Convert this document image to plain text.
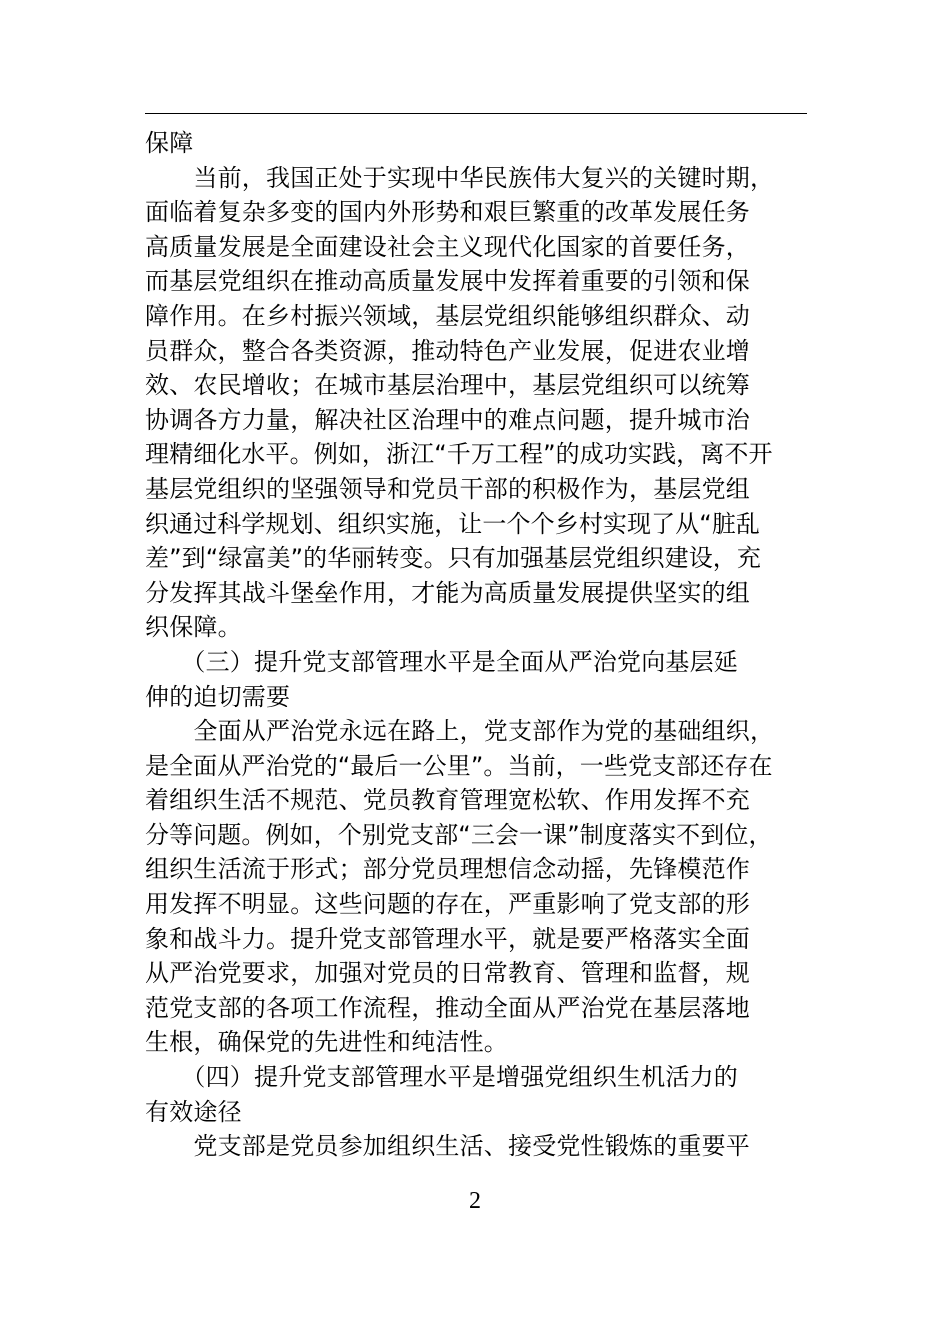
保障
　　当前，我国正处于实现中华民族伟大复兴的关键时期，
面临着复杂多变的国内外形势和艰巨繁重的改革发展任务
高质量发展是全面建设社会主义现代化国家的首要任务，
而基层党组织在推动高质量发展中发挥着重要的引领和保
障作用。在乡村振兴领域，基层党组织能够组织群众、动
员群众，整合各类资源，推动特色产业发展，促进农业增
效、农民增收；在城市基层治理中，基层党组织可以统筹
协调各方力量，解决社区治理中的难点问题，提升城市治
理精细化水平。例如，浙江“千万工程”的成功实践，离不开
基层党组织的坚强领导和党员干部的积极作为，基层党组
织通过科学规划、组织实施，让一个个乡村实现了从“脏乱
差”到“绿富美”的华丽转变。只有加强基层党组织建设，充
分发挥其战斗堡垒作用，才能为高质量发展提供坚实的组
织保障。
　　（三）提升党支部管理水平是全面从严治党向基层延
伸的迫切需要
　　全面从严治党永远在路上，党支部作为党的基础组织，
是全面从严治党的“最后一公里”。当前，一些党支部还存在
着组织生活不规范、党员教育管理宽松软、作用发挥不充
分等问题。例如，个别党支部“三会一课”制度落实不到位，
组织生活流于形式；部分党员理想信念动摇，先锋模范作
用发挥不明显。这些问题的存在，严重影响了党支部的形
象和战斗力。提升党支部管理水平，就是要严格落实全面
从严治党要求，加强对党员的日常教育、管理和监督，规
范党支部的各项工作流程，推动全面从严治党在基层落地
生根，确保党的先进性和纯洁性。
　　（四）提升党支部管理水平是增强党组织生机活力的
有效途径
　　党支部是党员参加组织生活、接受党性锻炼的重要平
2
